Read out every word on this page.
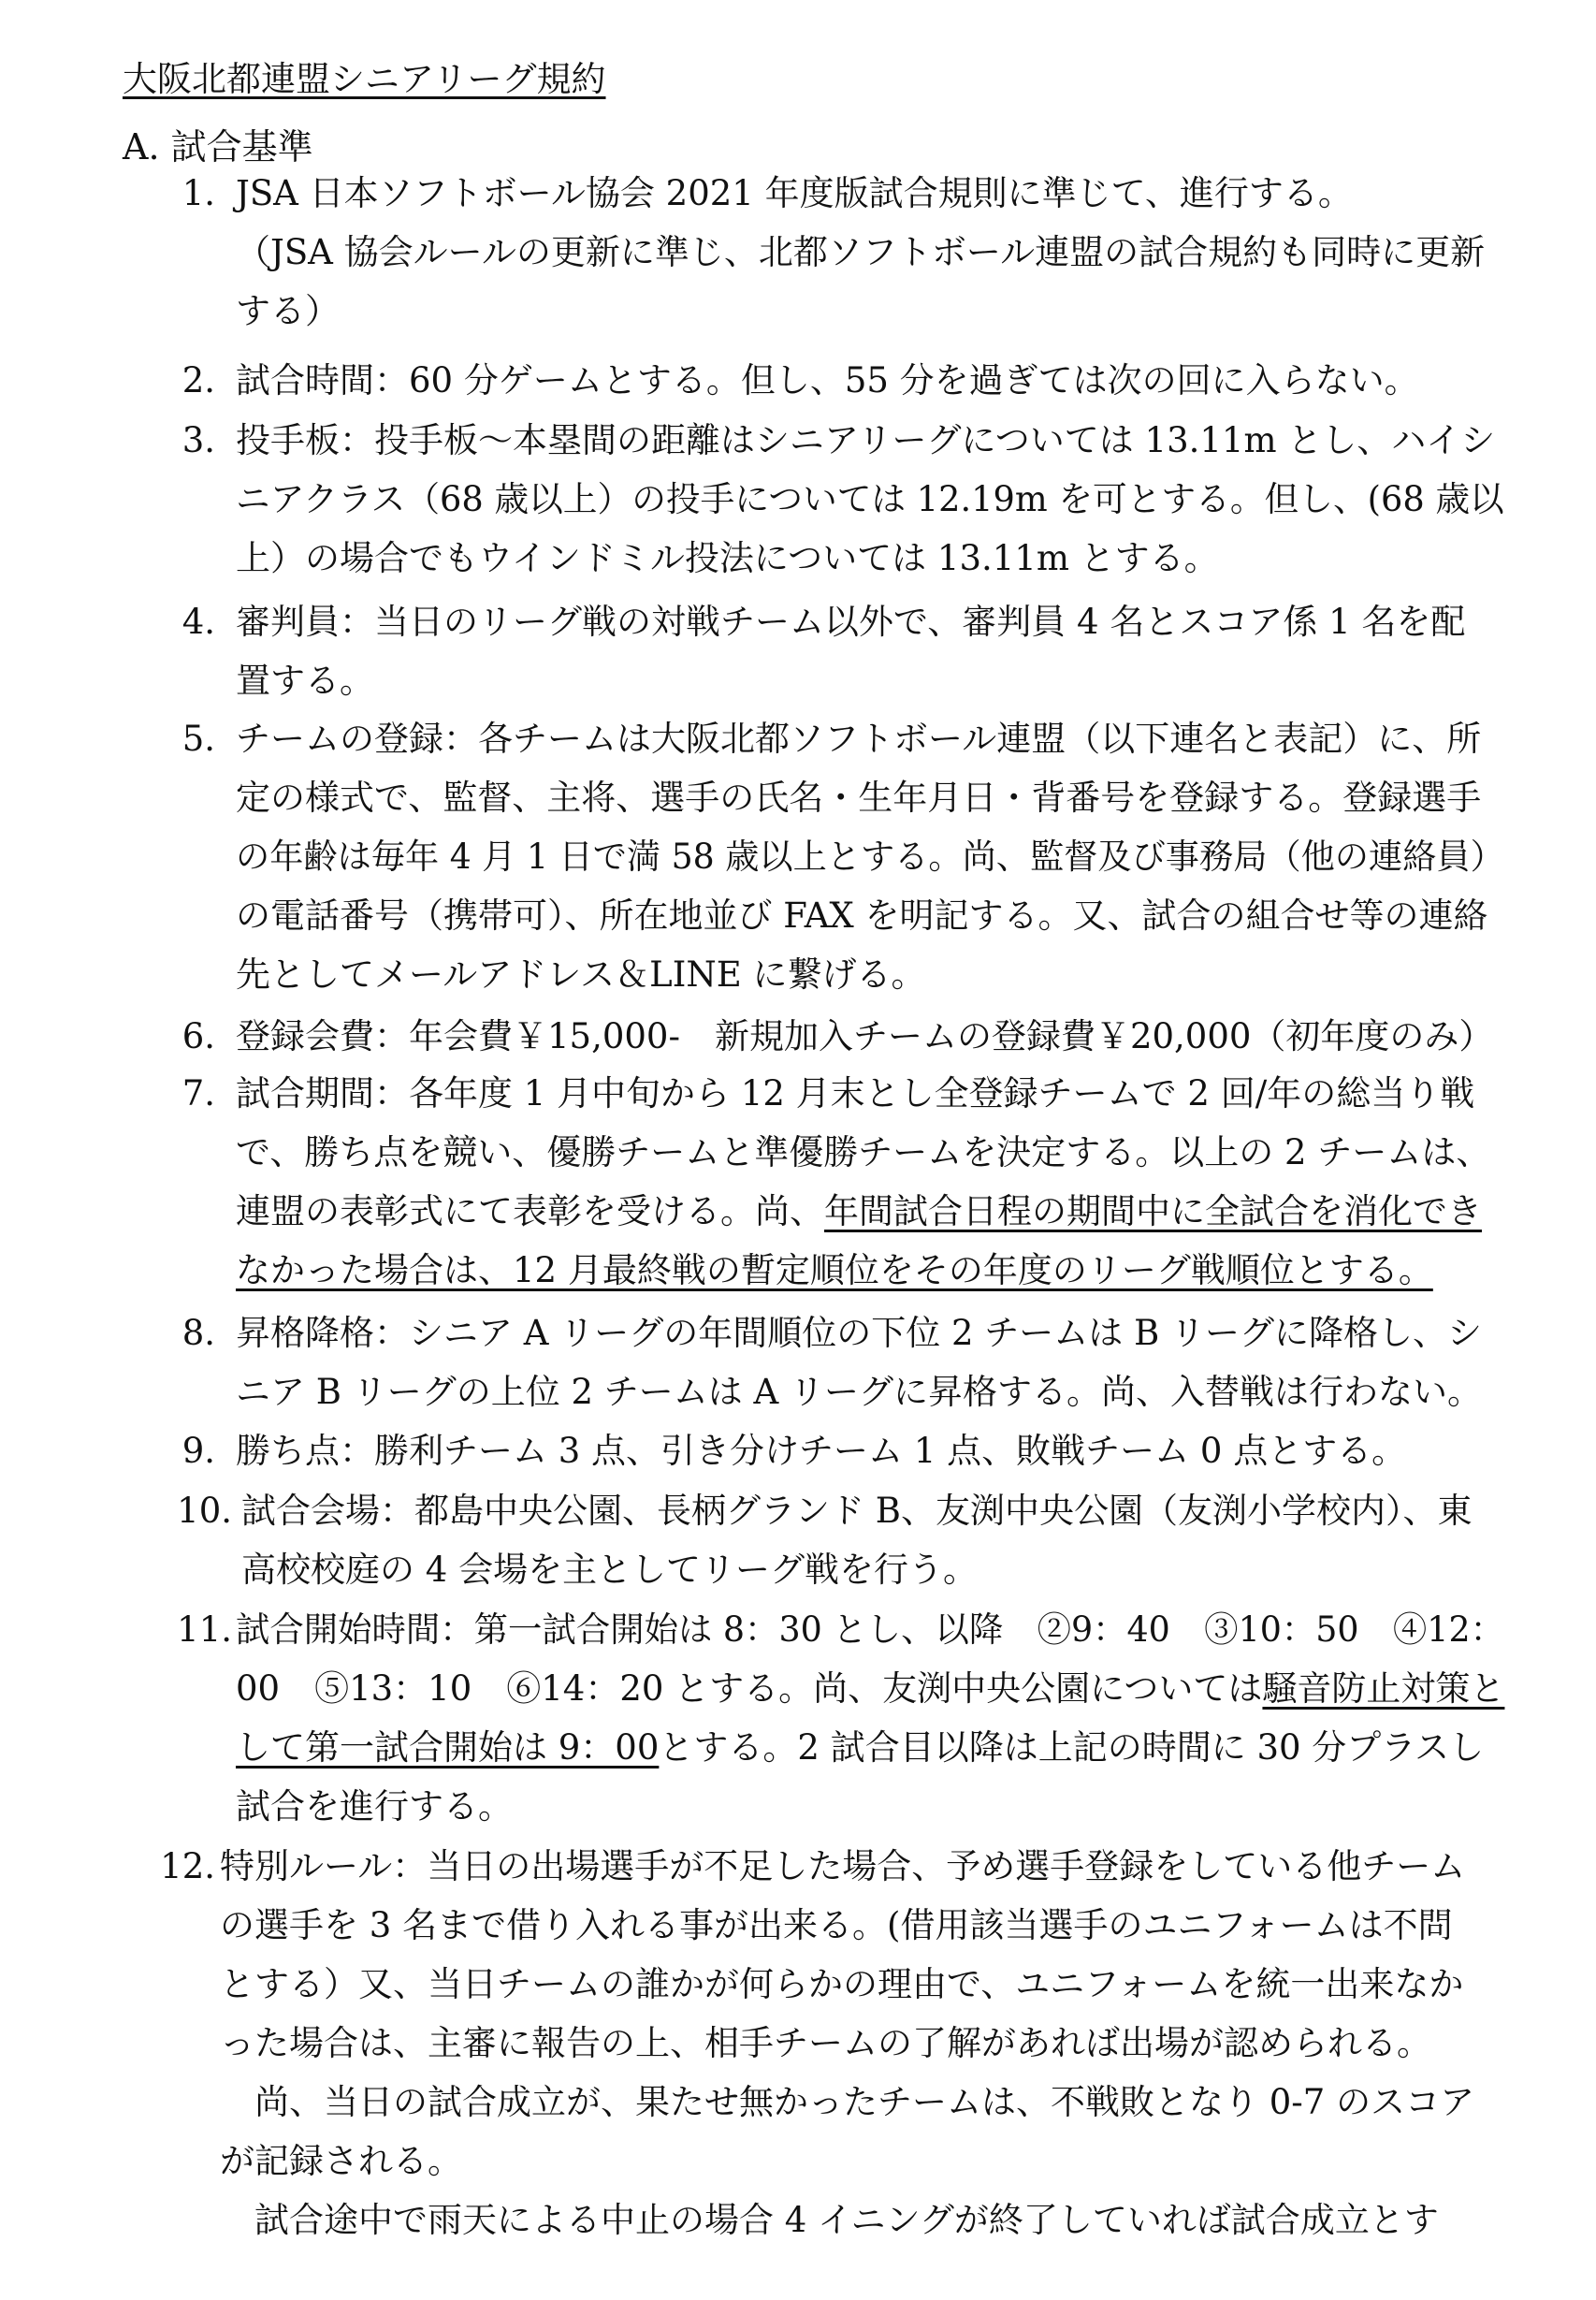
大阪北都連盟シニアリーグ規約
A. 試合基準
1. JSA 日本ソフトボール協会 2021 年度版試合規則に準じて、進行する。
（JSA 協会ルールの更新に準じ、北都ソフトボール連盟の試合規約も同時に更新
する）
2. 試合時間：60 分ゲームとする。但し、55 分を過ぎては次の回に入らない。
3. 投手板：投手板～本塁間の距離はシニアリーグについては 13.11m とし、ハイシ
ニアクラス（68 歳以上）の投手については 12.19m を可とする。但し、(68 歳以
上）の場合でもウインドミル投法については 13.11m とする。
4. 審判員：当日のリーグ戦の対戦チーム以外で、審判員 4 名とスコア係 1 名を配
置する。
5. チームの登録：各チームは大阪北都ソフトボール連盟（以下連名と表記）に、所
定の様式で、監督、主将、選手の氏名・生年月日・背番号を登録する。登録選手
の年齢は毎年 4 月 1 日で満 58 歳以上とする。尚、監督及び事務局（他の連絡員）
の電話番号（携帯可）、所在地並び FAX を明記する。又、試合の組合せ等の連絡
先としてメールアドレス＆LINE に繋げる。
6. 登録会費：年会費￥15,000-　新規加入チームの登録費￥20,000（初年度のみ）
7. 試合期間：各年度 1 月中旬から 12 月末とし全登録チームで 2 回/年の総当り戦
で、勝ち点を競い、優勝チームと準優勝チームを決定する。以上の 2 チームは、
連盟の表彰式にて表彰を受ける。尚、年間試合日程の期間中に全試合を消化でき
なかった場合は、12 月最終戦の暫定順位をその年度のリーグ戦順位とする。
8. 昇格降格：シニア A リーグの年間順位の下位 2 チームは B リーグに降格し、シ
ニア B リーグの上位 2 チームは A リーグに昇格する。尚、入替戦は行わない。
9. 勝ち点：勝利チーム 3 点、引き分けチーム 1 点、敗戦チーム 0 点とする。
10. 試合会場：都島中央公園、長柄グランド B、友渕中央公園（友渕小学校内）、東
高校校庭の 4 会場を主としてリーグ戦を行う。
11. 試合開始時間：第一試合開始は 8：30 とし、以降　②9：40　③10：50　④12：
00　⑤13：10　⑥14：20 とする。尚、友渕中央公園については騒音防止対策と
して第一試合開始は 9：00とする。2 試合目以降は上記の時間に 30 分プラスし
試合を進行する。
12. 特別ルール：当日の出場選手が不足した場合、予め選手登録をしている他チーム
の選手を 3 名まで借り入れる事が出来る。(借用該当選手のユニフォームは不問
とする）又、当日チームの誰かが何らかの理由で、ユニフォームを統一出来なか
った場合は、主審に報告の上、相手チームの了解があれば出場が認められる。
　尚、当日の試合成立が、果たせ無かったチームは、不戦敗となり 0-7 のスコア
が記録される。
　試合途中で雨天による中止の場合 4 イニングが終了していれば試合成立とす
